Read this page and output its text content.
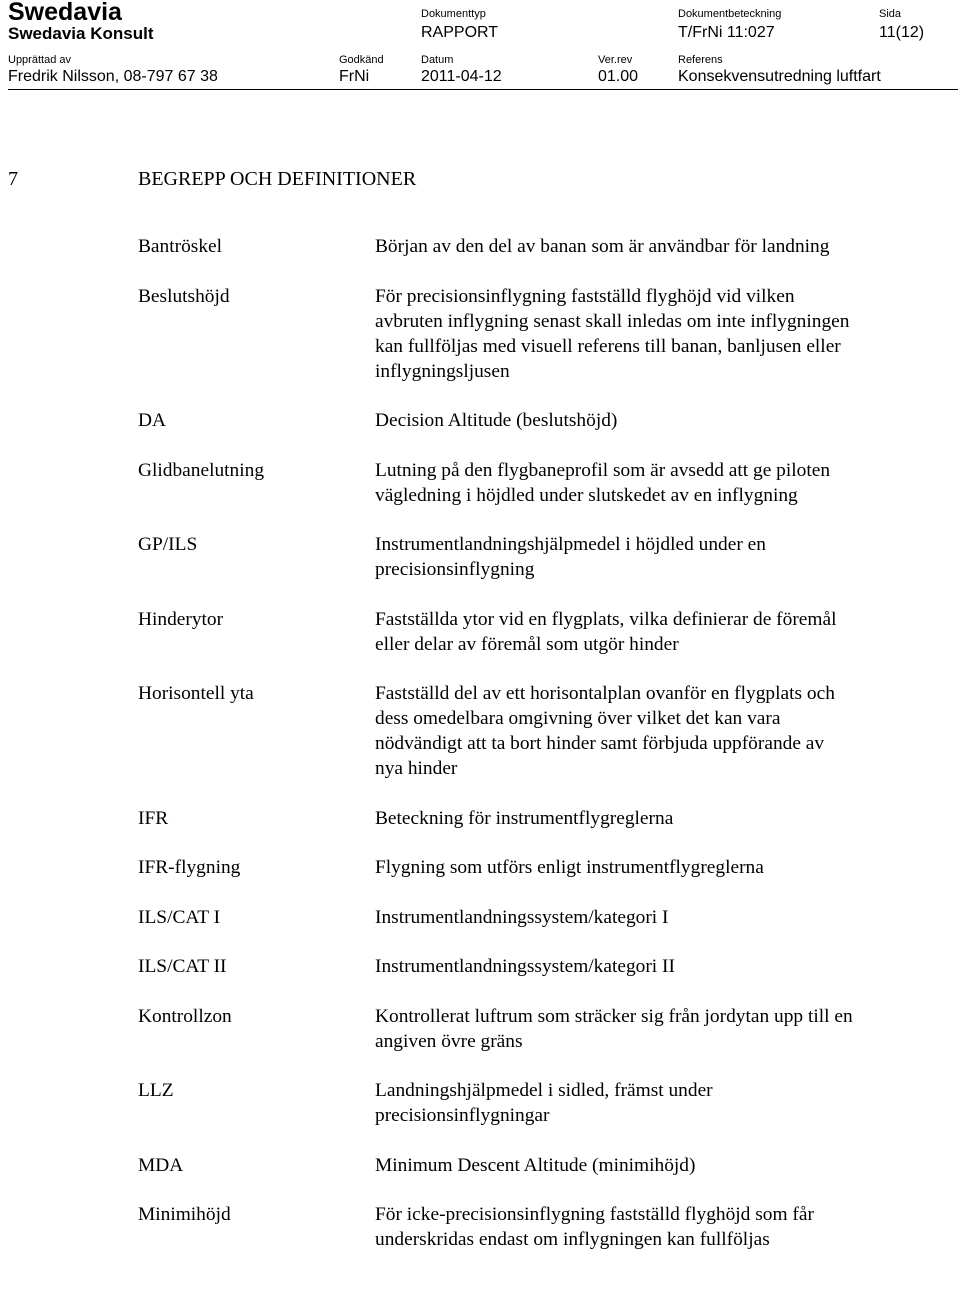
Swedavia
Swedavia Konsult
Dokumenttyp
RAPPORT
Dokumentbeteckning
T/FrNi 11:027
Sida
11(12)
Upprättad av
Fredrik Nilsson, 08-797 67 38
Godkänd
FrNi
Datum
2011-04-12
Ver.rev
01.00
Referens
Konsekvensutredning luftfart
7	BEGREPP OCH DEFINITIONER
Bantröskel	Början av den del av banan som är användbar för landning
Beslutshöjd	För precisionsinflygning fastställd flyghöjd vid vilken avbruten inflygning senast skall inledas om inte inflygningen kan fullföljas med visuell referens till banan, banljusen eller inflygningsljusen
DA	Decision Altitude (beslutshöjd)
Glidbanelutning	Lutning på den flygbaneprofil som är avsedd att ge piloten vägledning i höjdled under slutskedet av en inflygning
GP/ILS	Instrumentlandningshjälpmedel i höjdled under en precisionsinflygning
Hinderytor	Fastställda ytor vid en flygplats, vilka definierar de föremål eller delar av föremål som utgör hinder
Horisontell yta	Fastställd del av ett horisontalplan ovanför en flygplats och dess omedelbara omgivning över vilket det kan vara nödvändigt att ta bort hinder samt förbjuda uppförande av nya hinder
IFR	Beteckning för instrumentflygreglerna
IFR-flygning	Flygning som utförs enligt instrumentflygreglerna
ILS/CAT I	Instrumentlandningssystem/kategori I
ILS/CAT II	Instrumentlandningssystem/kategori II
Kontrollzon	Kontrollerat luftrum som sträcker sig från jordytan upp till en angiven övre gräns
LLZ	Landningshjälpmedel i sidled, främst under precisionsinflygningar
MDA	Minimum Descent Altitude (minimihöjd)
Minimihöjd	För icke-precisionsinflygning fastställd flyghöjd som får underskridas endast om inflygningen kan fullföljas
